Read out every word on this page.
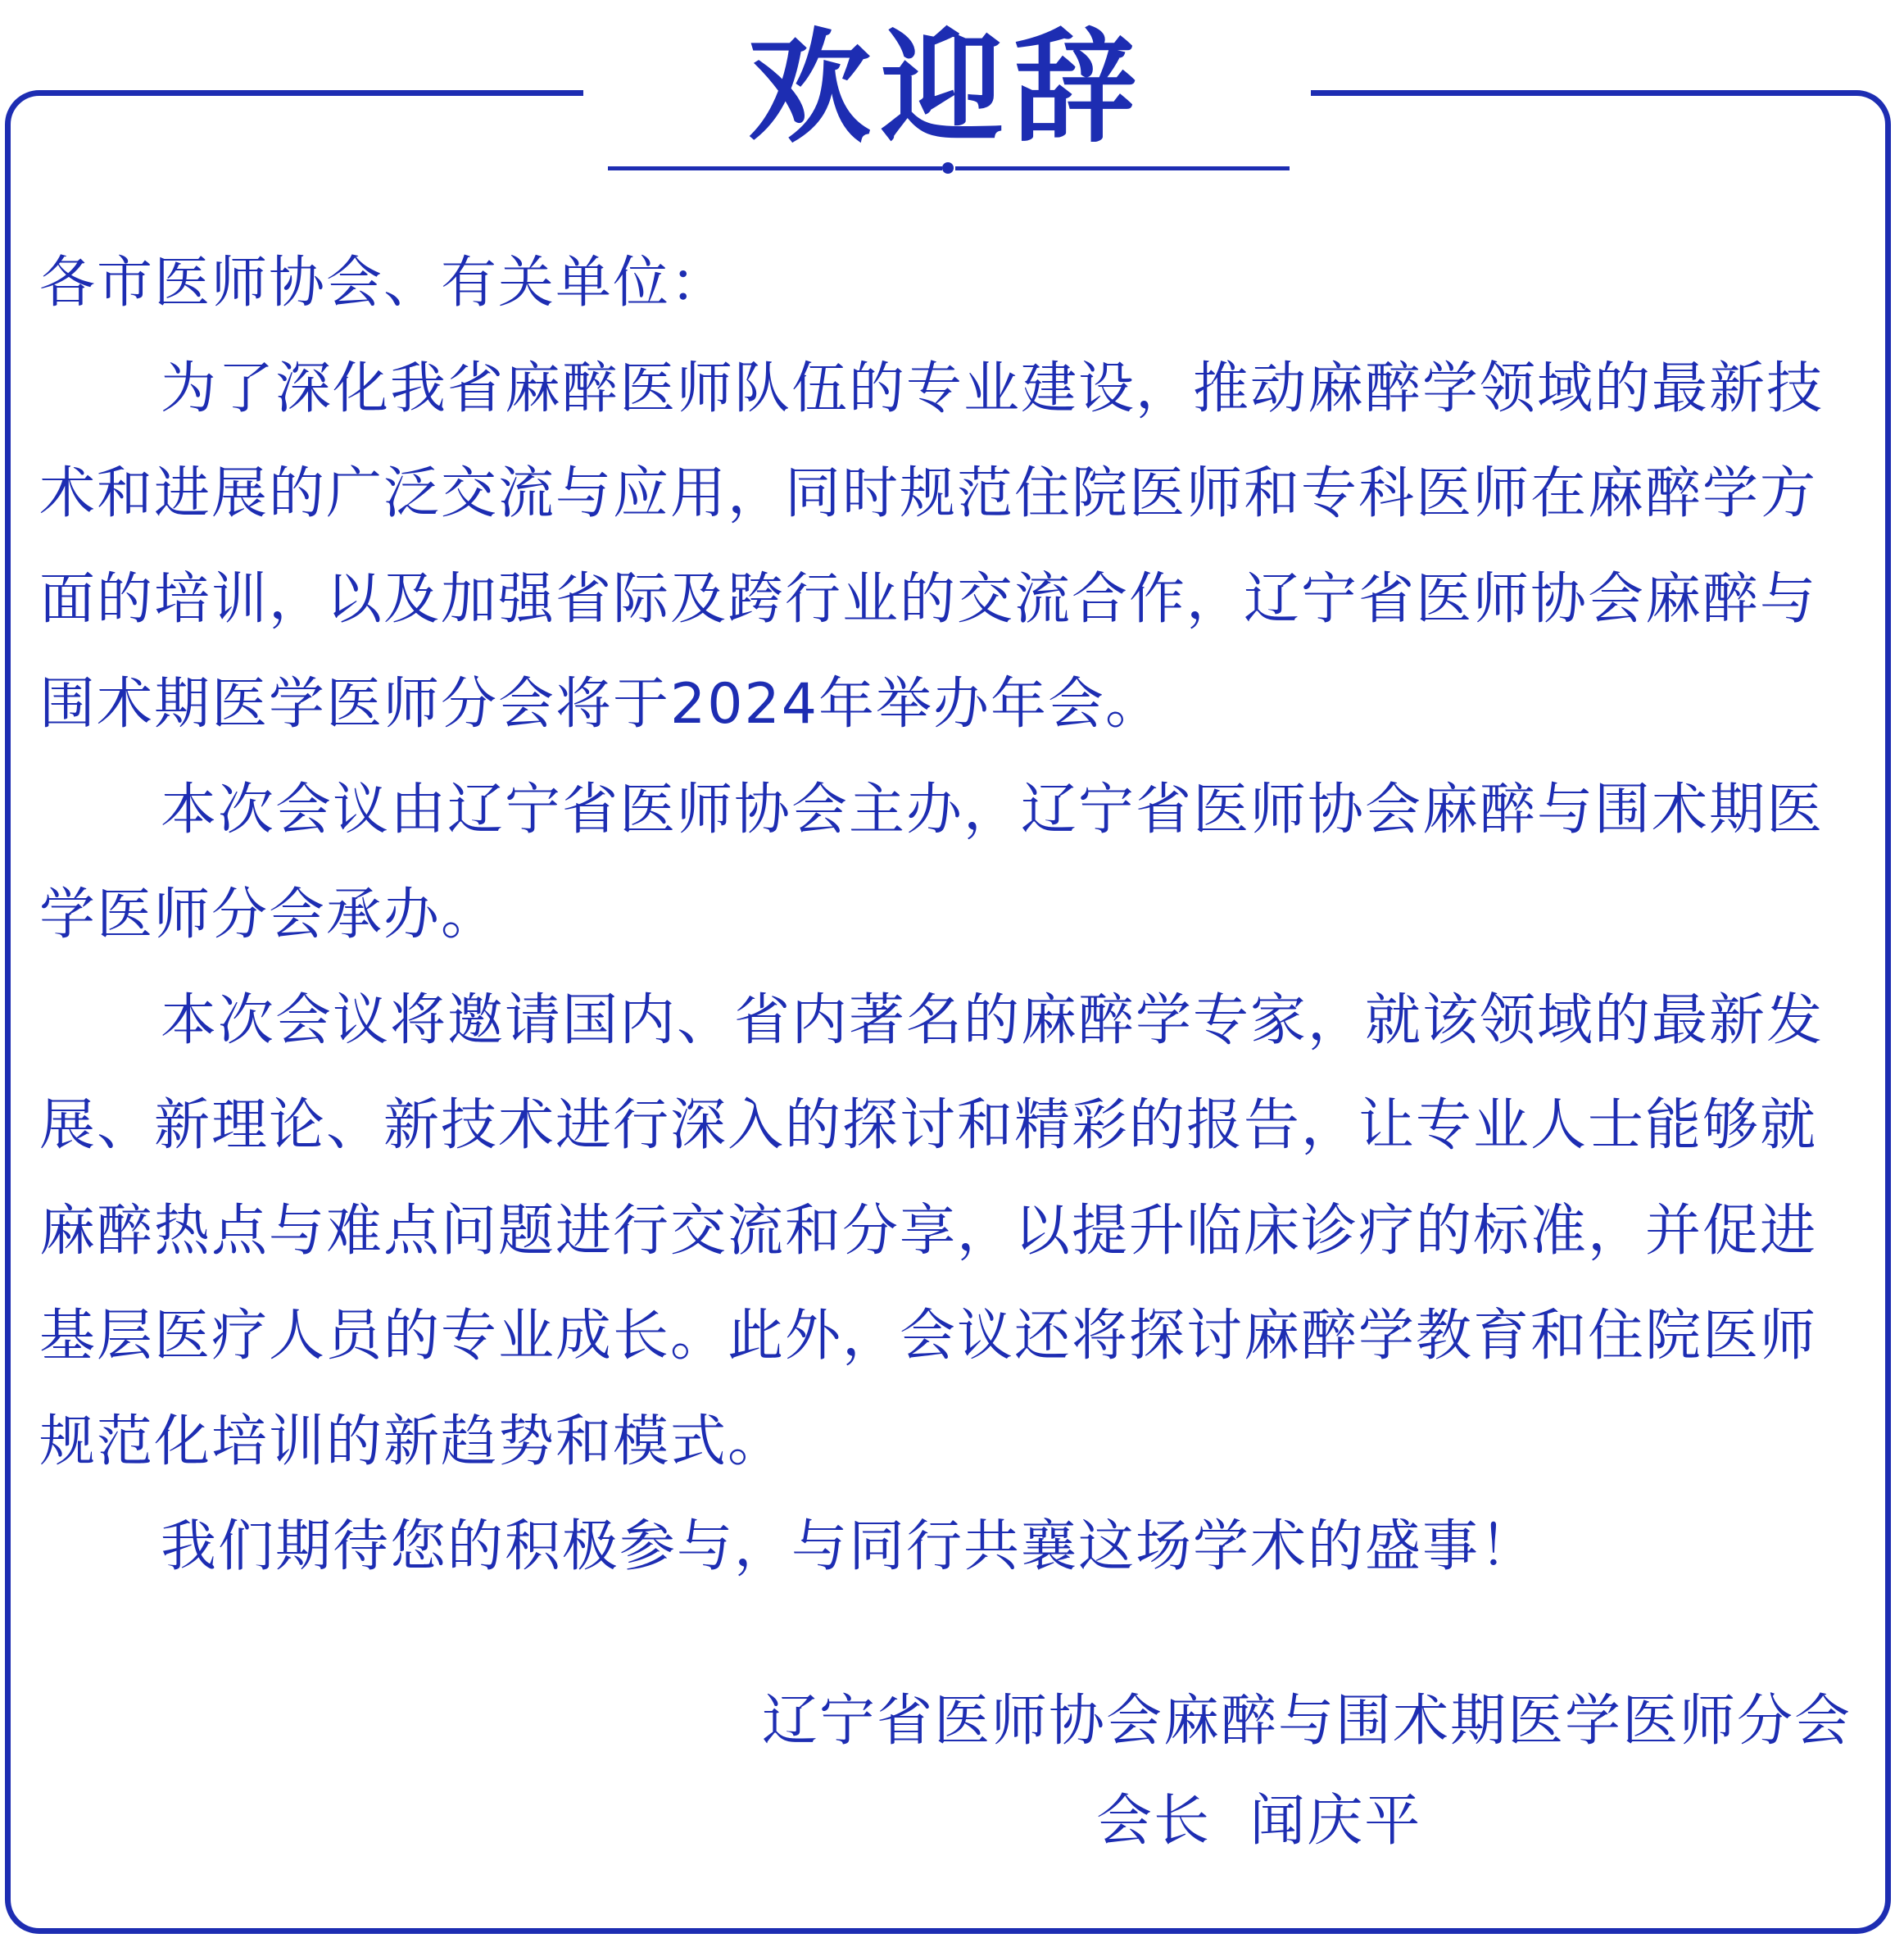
欢迎辞

各市医师协会、有关单位：

为了深化我省麻醉医师队伍的专业建设，推动麻醉学领域的最新技术和进展的广泛交流与应用，同时规范住院医师和专科医师在麻醉学方面的培训，以及加强省际及跨行业的交流合作，辽宁省医师协会麻醉与围术期医学医师分会将于2024年举办年会。

本次会议由辽宁省医师协会主办，辽宁省医师协会麻醉与围术期医学医师分会承办。

本次会议将邀请国内、省内著名的麻醉学专家，就该领域的最新发展、新理论、新技术进行深入的探讨和精彩的报告，让专业人士能够就麻醉热点与难点问题进行交流和分享，以提升临床诊疗的标准，并促进基层医疗人员的专业成长。此外，会议还将探讨麻醉学教育和住院医师规范化培训的新趋势和模式。

我们期待您的积极参与，与同行共襄这场学术的盛事！

辽宁省医师协会麻醉与围术期医学医师分会
会长  闻庆平
